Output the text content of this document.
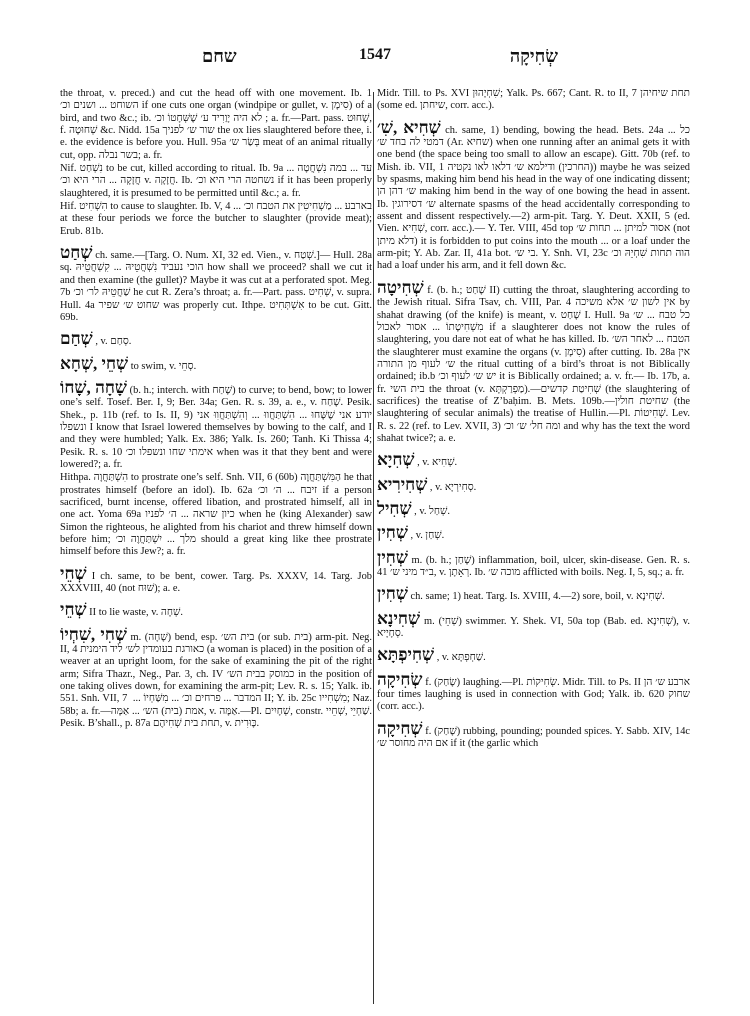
שחם	1547	שְׂחִיקָה
the throat, v. preced.) and cut the head off with one movement. Ib. 1 ‏השוחט ... ושנים וכ׳‎ if one cuts one organ (windpipe or gullet, v. ‏סִימָן‎) of a bird, and two &c.; ib. ‏לא היה יָוַרִיד ע׳ שֶׁשְּׁחָטוֹ וכ׳‎ ; a. fr.—Part. pass. ‏שָׁחוּט‎, f. ‏שְׁחוּטָה‎ &c. Nidd. 15a ‏שור ש׳ לפניך‎ the ox lies slaughtered before thee, i. e. the evidence is before you. Hull. 95a ‏בְּשַׂר ש׳‎ meat of an animal ritually cut, opp. ‏בשר נבלה‎; a. fr.
Nif. ‏נִשְׁחַט‎ to be cut, killed according to ritual. Ib. 9a ‏עד ... במה נִשְׁחֲטָה ... חֲזָקָה ... הרי היא וכ׳‎ v. ‏חֲזָקָה‎. Ib. ‏נשחטה הרי היא וכ׳‎ if it has been properly slaughtered, it is presumed to be permitted until &c.; a. fr.
Hif. ‏הִשְׁחִיט‎ to cause to slaughter. Ib. V, 4 ... ‏בארבע ... מַשְׁחִיטִין את הטבח וכ׳‎ at these four periods we force the butcher to slaughter (provide meat); Erub. 81b.
שְׁחַט ch. same.—[Targ. O. Num. XI, 32 ed. Vien., v. ‏שְׁטַח‎.]— Hull. 28a sq. ‏הוכי נעביד נִשְׁחֲטֵיהּ ... קִשְׁחֲטֵיהּ‎ how shall we proceed? shall we cut it and then examine (the gullet)? Maybe it was cut at a perforated spot. Meg. 7b ‏שַׁחֲטֵיהּ לר׳ וכ׳‎ he cut R. Zera’s throat; a. fr.—Part. pass. ‏שְׁחִיט‎, v. supra. Hull. 4a ‏שחוט ש׳ שפיר‎ was properly cut. Ithpe. ‏אִשְׁתְּחִיט‎ to be cut. Gitt. 69b.
שְׁחַם , v. ‏סְחַם‎.
שְׁחֵי ,שְׁחָא to swim, v. ‏סְחֵי‎.
שָׁחָה ,שָׁחוֹ (b. h.; interch. with ‏שָׁחַח‎) to curve; to bend, bow; to lower one’s self. Tosef. Ber. I, 9; Ber. 34a; Gen. R. s. 39, a. e., v. ‏שָׁחַח‎. Pesik. Shek., p. 11b (ref. to Is. II, 9) ‏יודע אני שֶׁשָּׁחוּ ... הִשְׁתַּחֲווּ ... וְהִשְׁתַּחֲוִוּ אני ונשפלו‎ I know that Israel lowered themselves by bowing to the calf, and I and they were humbled; Yalk. Ex. 386; Yalk. Is. 260; Tanh. Ki Thissa 4; Pesik. R. s. 10 ‏אימתי שחו ונשפלו וכ׳‎ when was it that they bent and were lowered?; a. fr.
Hithpa. ‏הִשְׁתַּחֲוָה‎ to prostrate one’s self. Snh. VII, 6 (60b) ‏הַמִּשְׁתַּחֲוֶה‎ he that prostrates himself (before an idol). Ib. 62a ‏זיבח ... ה׳ וכ׳‎ if a person sacrificed, burnt incense, offered libation, and prostrated himself, all in one act. Yoma 69a ‏כיון שראה ... ה׳ לפניו‎ when he (king Alexander) saw Simon the righteous, he alighted from his chariot and threw himself down before him; ‏מלך ... יִשְׁתַּחֲוֶה וכ׳‎ should a great king like thee prostrate himself before this Jew?; a. fr.
שְׁחֵי I ch. same, to be bent, cower. Targ. Ps. XXXV, 14. Targ. Job XXXVIII, 40 (not ‏שׁוּח‎); a. e.
שְׁחֵי II to lie waste, v. ‏שְׁחָה‎.
שְׁחִי ,שִׁחְיוֹ m. (‏שָׁחָה‎) bend, esp. ‏בית הש׳‎ (or sub. ‏בית‎) arm-pit. Neg. II, 4 ‏כאורגת בעומדין לש׳ ליד הימנית‎ (a woman is placed) in the position of a weaver at an upright loom, for the sake of examining the pit of the right arm; Sifra Thazr., Neg., Par. 3, ch. IV ‏כמוסק בבית הש׳‎ in the position of one taking olives down, for examining the arm-pit; Lev. R. s. 15; Yalk. ib. 551. Snh. VII, 7 ‏המדבר ... פרחים וכ׳ ... מִשַּׁחְיוֹ ... ‏‎ II; Y. ib. 25c ‏מִשְׁחִייו‎; Naz. 58b; a. fr.—‏אמת (בית) הש׳ ... אַמָּה‎, v. ‏אַמָּה‎.—Pl. ‏שְׁחָיִים‎, constr. ‏שְׁחֵיי‎, ‏שַׁחְיֵי‎. Pesik. B’shall., p. 87a ‏תחת בית שְׁחִיהֶם‎, v. ‏כָּוּרִית‎.
Midr. Till. to Ps. XVI ‏שִׁחְיָהוּן‎; Yalk. Ps. 667; Cant. R. to II, 7 ‏תחת שיחיהן‎ (some ed. ‏שיחתן‎, corr. acc.).
שְׁחִיא ,שִׁ׳ ch. same, 1) bending, bowing the head. Bets. 24a ‏כל ... דמטי לה בחד ש׳‎ (Ar. ‏שחיא‎) when one running after an animal gets it with one bend (the space being too small to allow an escape). Gitt. 70b (ref. to Mish. ib. VII, 1 ‏(החרכין) ודילמא ש׳ דלאו לאו נקטיה‎) maybe he was seized by spasms, making him bend his head in the way of one indicating dissent; ‏ש׳ דהן הן‎ making him bend in the way of one bowing the head in assent. Ib. ‏ש׳ דסירוגין‎ alternate spasms of the head accidentally corresponding to assent and dissent respectively.—2) arm-pit. Targ. Y. Deut. XXII, 5 (ed. Vien. ‏שְׁחִיא‎, corr. acc.).— Y. Ter. VIII, 45d top ‏אסור למיתן ... תחות ש׳‎ (not ‏דלא מיתן‎) it is forbidden to put coins into the mouth ... or a loaf under the arm-pit; Y. Ab. Zar. II, 41a bot. ‏בי ש׳‎. Y. Snh. VI, 23c ‏הוה תחות שִׁחְיֵהּ וכ׳‎ had a loaf under his arm, and it fell down &c.
שְׁחִיטָה f. (b. h.; ‏שָׁחַט‎ II) cutting the throat, slaughtering according to the Jewish ritual. Sifra Tsav, ch. VIII, Par. 4 ‏אין לשון ש׳ אלא משיכה‎ by shahat drawing (of the knife) is meant, v. ‏שָׁחַט‎ I. Hull. 9a ‏כל טבח ... ש׳ אסור לאכול‎ ... ‏מִשְׁחִיטָתוֹ‎ if a slaughterer does not know the rules of slaughtering, you dare not eat of what he has killed. Ib. ‏הטבח ... לאחר הש׳‎ the slaughterer must examine the organs (v. ‏סִימָן‎) after cutting. Ib. 28a ‏אין ש׳ לעוף מן התורה‎ the ritual cutting of a bird’s throat is not Biblically ordained; ib.b ‏יש ש׳ לעוף וכ׳‎ it is Biblically ordained; a. v. fr.— Ib. 17b, a. fr. ‏בית השי‎ the throat (v. ‏מַפְרַקְתָּא‎).—‏שְׁחִיטַת קדשים‎ (the slaughtering of sacrifices) the treatise of Z’baḥim. B. Mets. 109b.—‏שחיטת חולין‎ (the slaughtering of secular animals) the treatise of Hullin.—Pl. ‏שְׁחִיטוֹת‎. Lev. R. s. 22 (ref. to Lev. XVII, 3) ‏ומה חל׳ ש׳ וכ׳‎ and why has the text the word shahat twice?; a. e.
שְׁחִיָא , v. ‏שְׁחִיא‎.
שְׁחִירִיא , v. ‏סְחִירְיָא‎.
שְׁחִיל , v. ‏שְׁחַל‎.
שְׁחִין , v. ‏שְׁחַן‎.
שְׁחִין m. (b. h.; ‏שָׁחַן‎) inflammation, boil, ulcer, skin-disease. Gen. R. s. 41 ‏ב״ד מיני ש׳‎, v. ‏רְאָתָן‎. Ib. ‏מוכה ש׳‎ afflicted with boils. Neg. I, 5, sq.; a. fr.
שְׁחִין ch. same; 1) heat. Targ. Is. XVIII, 4.—2) sore, boil, v. ‏שְׁחִינָא‎.
שְׁחִינָא m. (‏שְׁחֵי‎) swimmer. Y. Shek. VI, 50a top (Bab. ed. ‏שְׁחִינָא‎), v. ‏סְחָיָיא‎.
שְׁחִיפְתָּא , v. ‏שַׁחְפְתָּא‎.
שְׂחִיקָה f. (‏שָׂחַק‎) laughing.—Pl. ‏שְׂחִיקוֹת‎. Midr. Till. to Ps. II ‏ארבע ש׳ הן‎ four times laughing is used in connection with God; Yalk. ib. 620 ‏שחוק‎ (corr. acc.).
שְׁחִיקָה f. (‏שָׁחַק‎) rubbing, pounding; pounded spices. Y. Sabb. XIV, 14c ‏אם היה מחוסר ש׳‎ if it (the garlic which
